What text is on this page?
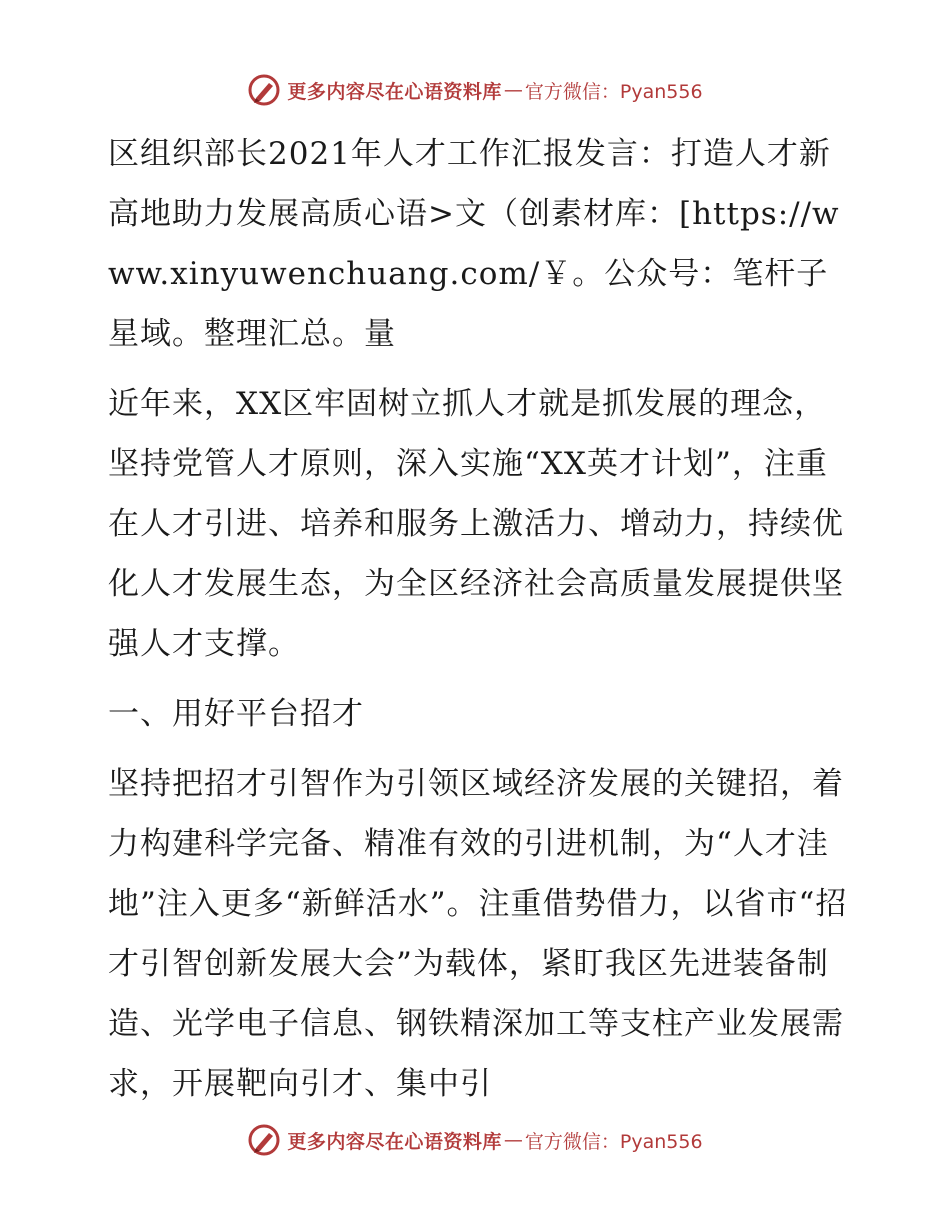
更多内容尽在心语资料库 — 官方微信：Pyan556

区组织部长2021年人才工作汇报发言：打造人才新高地助力发展高质心语>文（创素材库：[https://www.xinyuwenchuang.com/￥。公众号：笔杆子星域。整理汇总。量

近年来，XX区牢固树立抓人才就是抓发展的理念，坚持党管人才原则，深入实施“XX英才计划”，注重在人才引进、培养和服务上激活力、增动力，持续优化人才发展生态，为全区经济社会高质量发展提供坚强人才支撑。

一、用好平台招才

坚持把招才引智作为引领区域经济发展的关键招，着力构建科学完备、精准有效的引进机制，为“人才洼地”注入更多“新鲜活水”。注重借势借力，以省市“招才引智创新发展大会”为载体，紧盯我区先进装备制造、光学电子信息、钢铁精深加工等支柱产业发展需求，开展靶向引才、集中引

更多内容尽在心语资料库 — 官方微信：Pyan556
